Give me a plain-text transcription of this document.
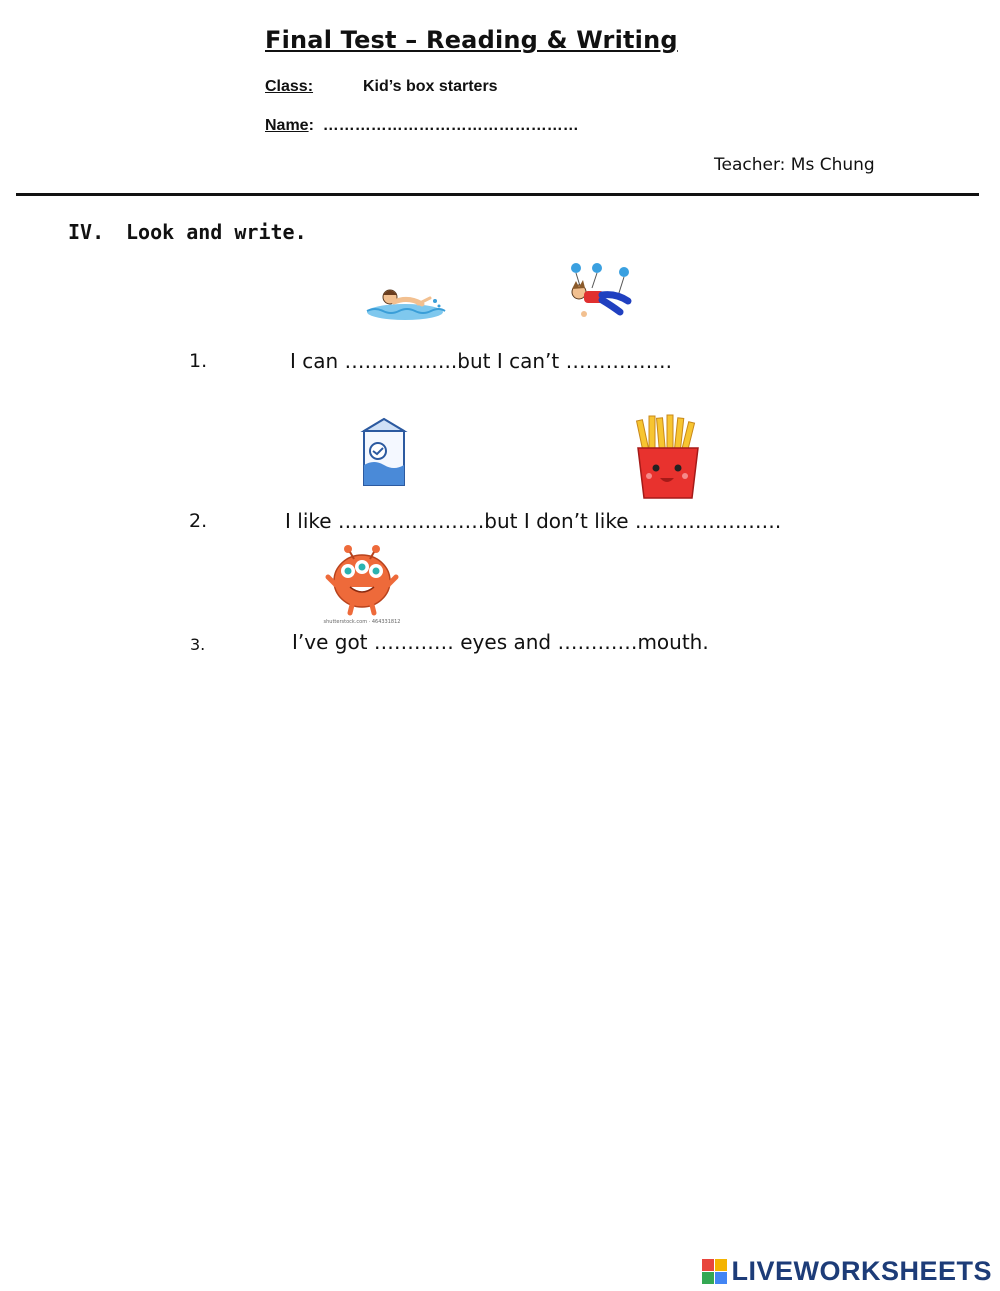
Final Test – Reading & Writing
Class:	Kid’s box starters
Name: …………………………………………
Teacher: Ms Chung
IV. Look and write.
1.	I can ……………..but I can’t …………….
2.	I like ………………….but I don’t like ………………….
shutterstock.com · 464331812
3.	I’ve got ………… eyes and …………mouth.
LIVEWORKSHEETS
